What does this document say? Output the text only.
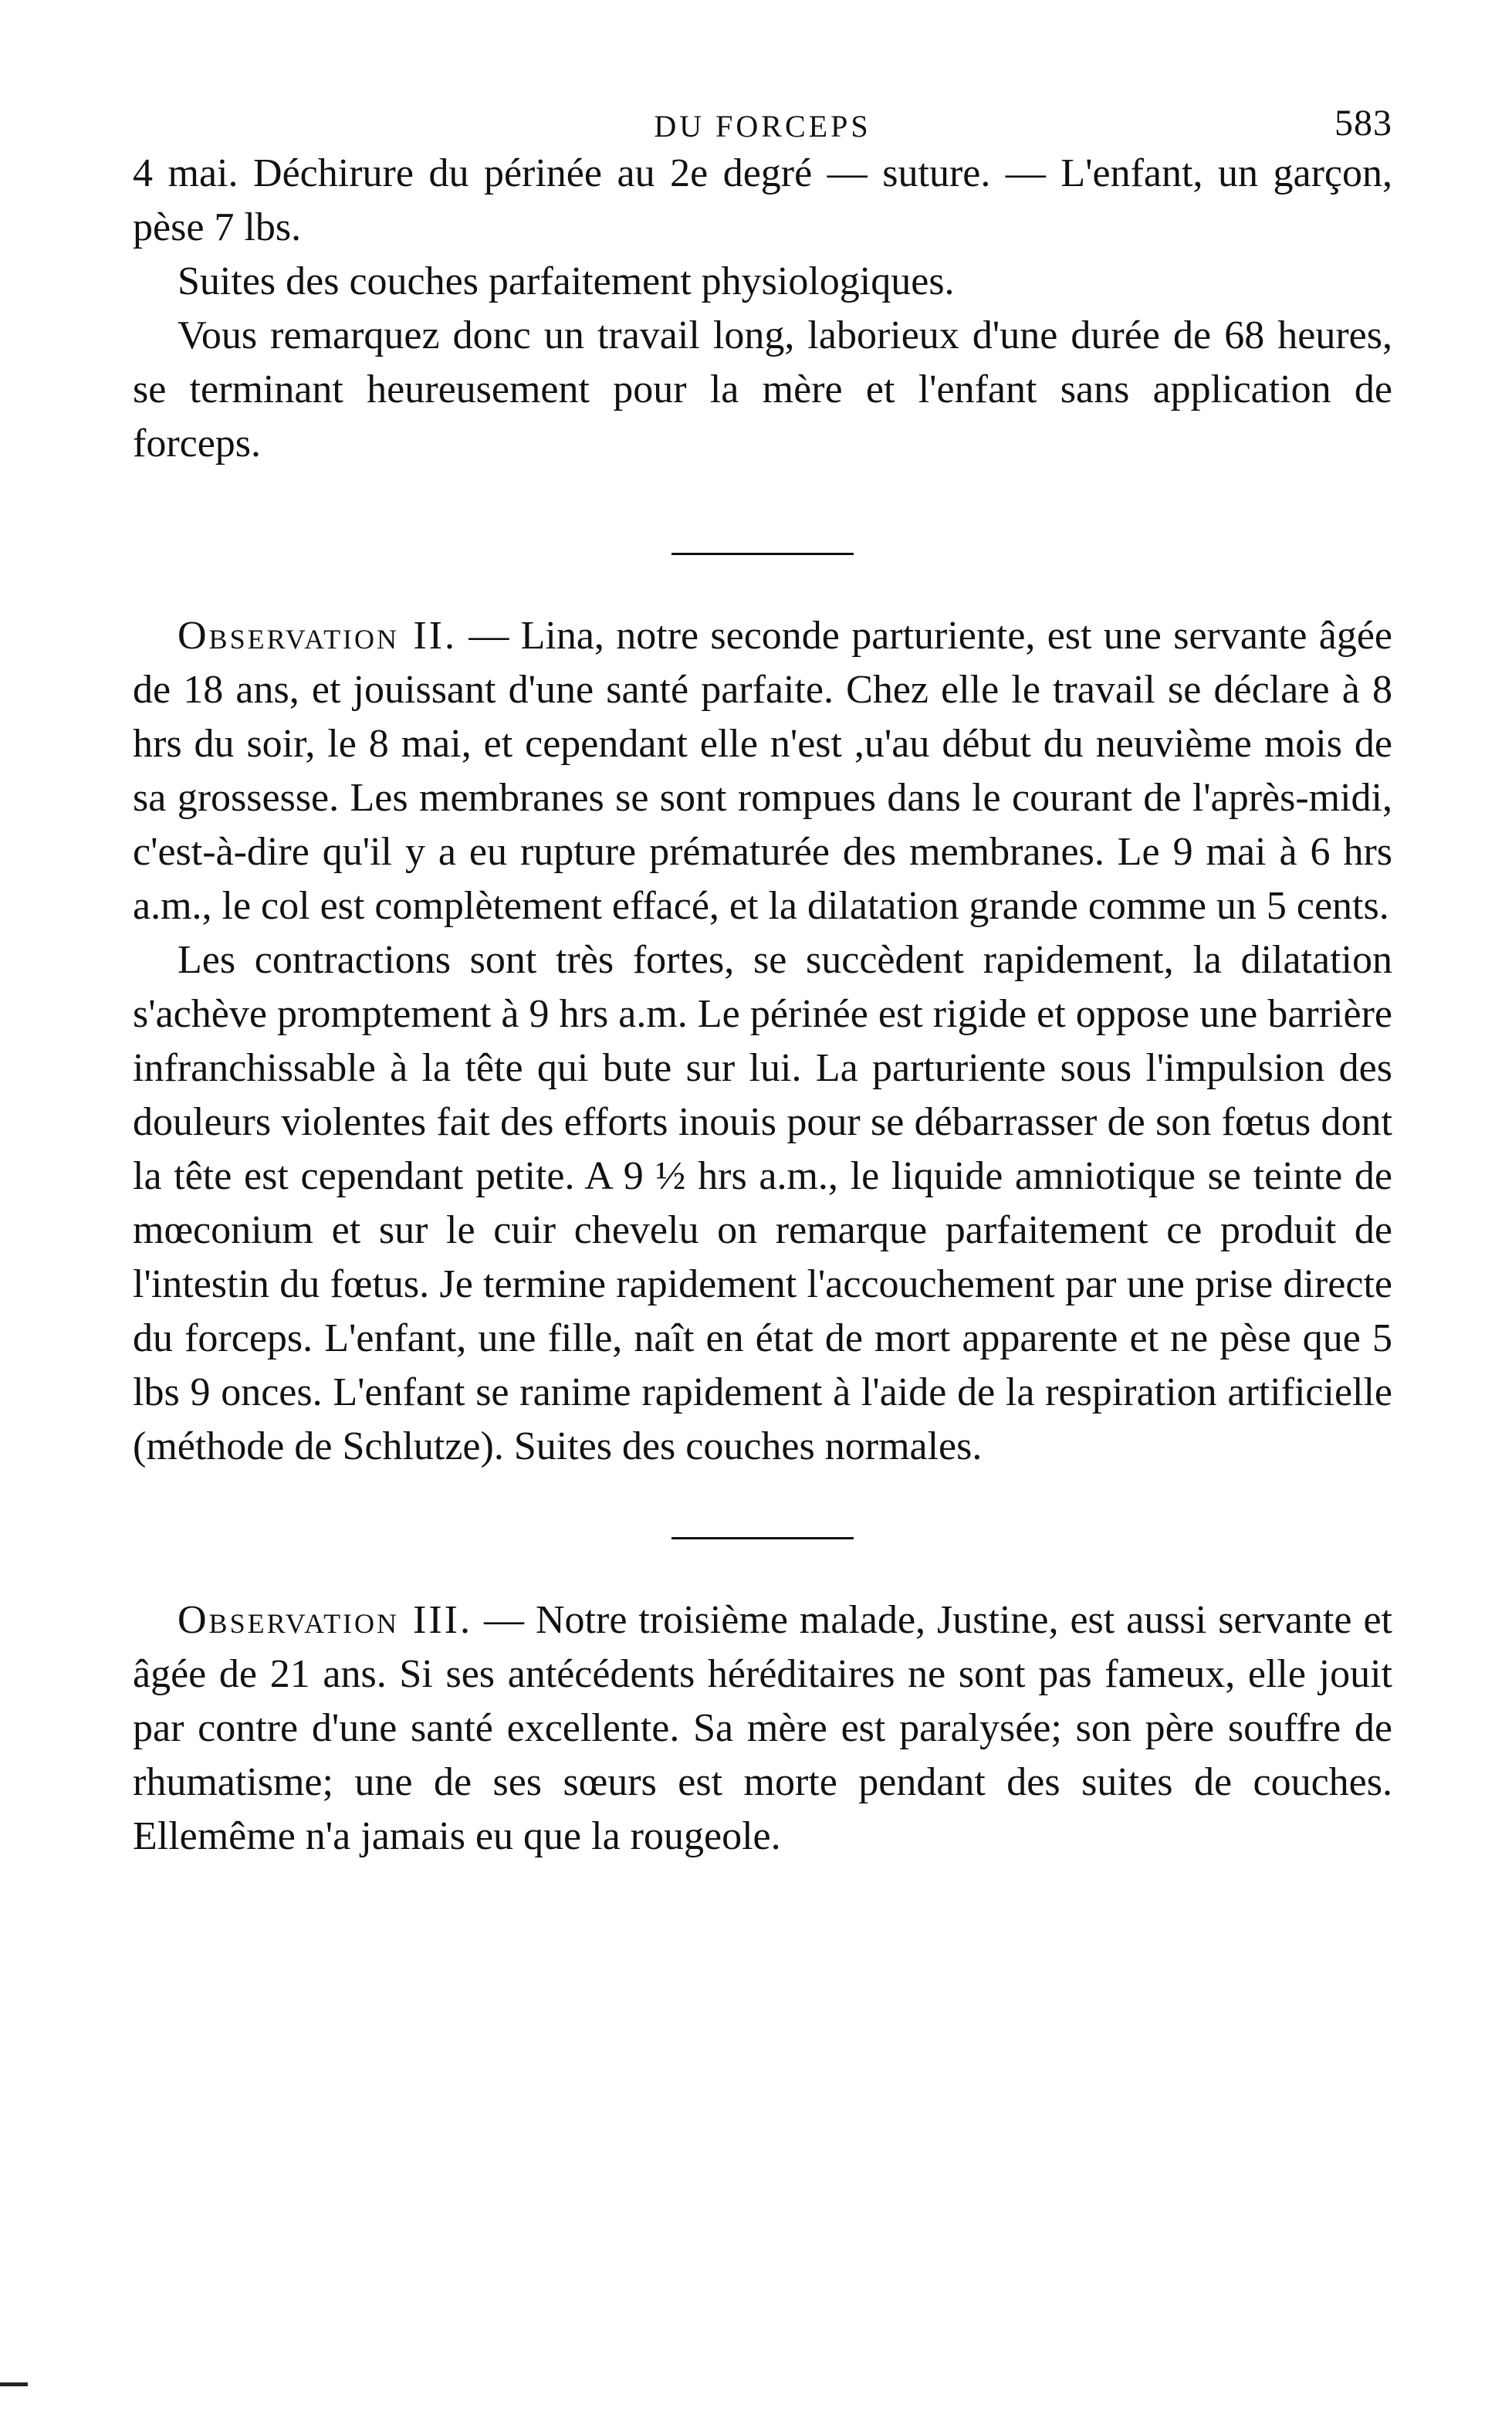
DU FORCEPS	583

4 mai. Déchirure du périnée au 2e degré — suture. — L'enfant, un garçon, pèse 7 lbs.

Suites des couches parfaitement physiologiques.

Vous remarquez donc un travail long, laborieux d'une durée de 68 heures, se terminant heureusement pour la mère et l'enfant sans application de forceps.

Observation II. — Lina, notre seconde parturiente, est une servante âgée de 18 ans, et jouissant d'une santé parfaite. Chez elle le travail se déclare à 8 hrs du soir, le 8 mai, et cependant elle n'est ,u'au début du neuvième mois de sa grossesse. Les membranes se sont rompues dans le courant de l'après-midi, c'est-à-dire qu'il y a eu rupture prématurée des membranes. Le 9 mai à 6 hrs a.m., le col est complètement effacé, et la dilatation grande comme un 5 cents.

Les contractions sont très fortes, se succèdent rapidement, la dilatation s'achève promptement à 9 hrs a.m. Le périnée est rigide et oppose une barrière infranchissable à la tête qui bute sur lui. La parturiente sous l'impulsion des douleurs violentes fait des efforts inouis pour se débarrasser de son fœtus dont la tête est cependant petite. A 9 ½ hrs a.m., le liquide amniotique se teinte de mœconium et sur le cuir chevelu on remarque parfaitement ce produit de l'intestin du fœtus. Je termine rapidement l'accouchement par une prise directe du forceps. L'enfant, une fille, naît en état de mort apparente et ne pèse que 5 lbs 9 onces. L'enfant se ranime rapidement à l'aide de la respiration artificielle (méthode de Schlutze). Suites des couches normales.

Observation III. — Notre troisième malade, Justine, est aussi servante et âgée de 21 ans. Si ses antécédents héréditaires ne sont pas fameux, elle jouit par contre d'une santé excellente. Sa mère est paralysée; son père souffre de rhumatisme; une de ses sœurs est morte pendant des suites de couches. Ellemême n'a jamais eu que la rougeole.
